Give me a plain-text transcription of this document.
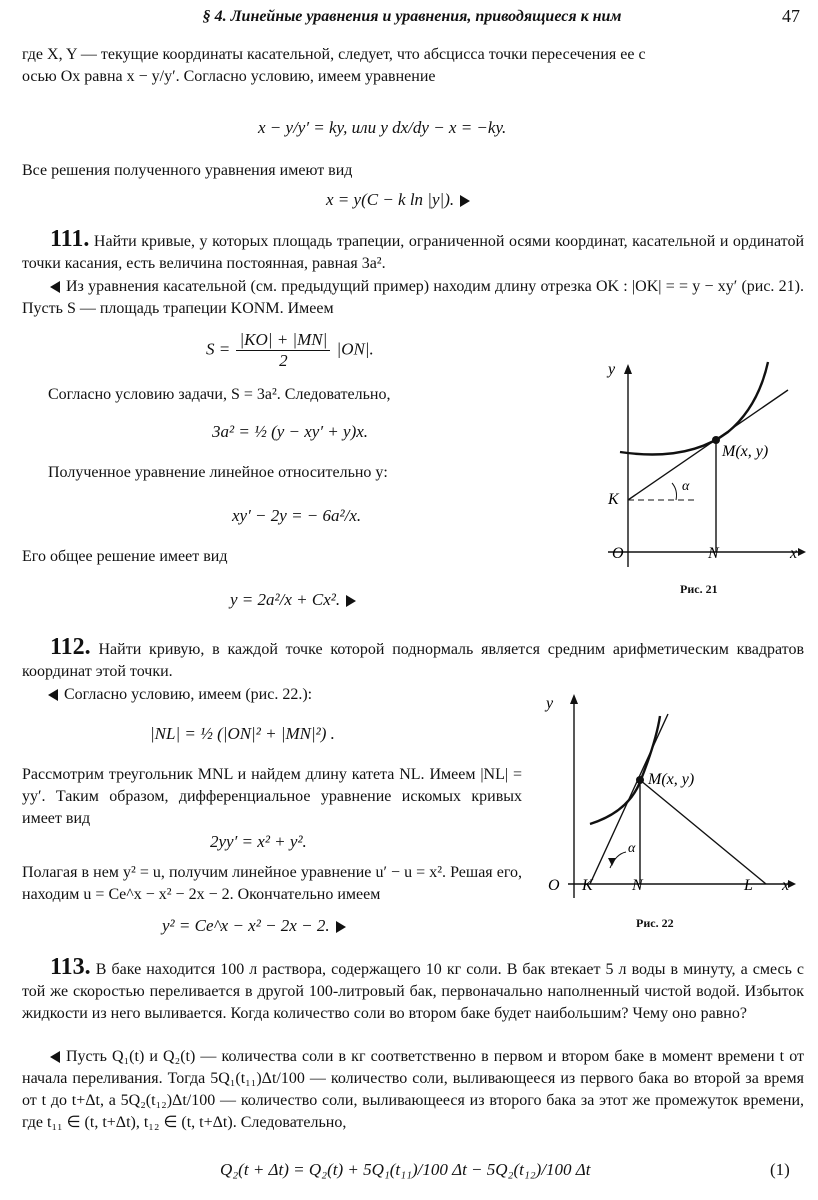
§ 4. Линейные уравнения и уравнения, приводящиеся к ним	47
где X, Y — текущие координаты касательной, следует, что абсцисса точки пересечения ее с
осью Ox равна x − y/y′. Согласно условию, имеем уравнение
x − y/y′ = ky, или y dx/dy − x = −ky.
Все решения полученного уравнения имеют вид
x = y(C − k ln |y|).
111. Найти кривые, у которых площадь трапеции, ограниченной осями координат, касательной и ординатой точки касания, есть величина постоянная, равная 3a².
Из уравнения касательной (см. предыдущий пример) находим длину отрезка OK : |OK| = = y − xy′ (рис. 21). Пусть S — площадь трапеции KONM. Имеем
$S = \frac{|KO| + |MN|}{2} |ON|$.
Согласно условию задачи, S = 3a². Следовательно,
3a² = ½ (y − xy′ + y)x.
Полученное уравнение линейное относительно y:
xy′ − 2y = − 6a²/x.
Его общее решение имеет вид
y = 2a²/x + Cx².
y
x
O	N
K
M(x, y)
α
Рис. 21
112. Найти кривую, в каждой точке которой поднормаль является средним арифметическим квадратов координат этой точки.
Согласно условию, имеем (рис. 22.):
|NL| = ½ (|ON|² + |MN|²) .
Рассмотрим треугольник MNL и найдем длину катета NL. Имеем |NL| = yy′. Таким образом, дифференциальное уравнение искомых кривых имеет вид
2yy′ = x² + y².
Полагая в нем y² = u, получим линейное уравнение u′ − u = x². Решая его, находим u = Ce^x − x² − 2x − 2. Окончательно имеем
y² = Ce^x − x² − 2x − 2.
y
x
O K N	L
M(x, y)
α
Рис. 22
113. В баке находится 100 л раствора, содержащего 10 кг соли. В бак втекает 5 л воды в минуту, а смесь с той же скоростью переливается в другой 100-литровый бак, первоначально наполненный чистой водой. Избыток жидкости из него выливается. Когда количество соли во втором баке будет наибольшим? Чему оно равно?
Пусть Q₁(t) и Q₂(t) — количества соли в кг соответственно в первом и втором баке в момент времени t от начала переливания. Тогда 5Q₁(t₁₁)Δt/100 — количество соли, выливающееся из первого бака во второй за время от t до t+Δt, а 5Q₂(t₁₂)Δt/100 — количество соли, выливающееся из второго бака за этот же промежуток времени, где t₁₁ ∈ (t, t+Δt), t₁₂ ∈ (t, t+Δt). Следовательно,
Q₂(t + Δt) = Q₂(t) + 5Q₁(t₁₁)/100 Δt − 5Q₂(t₁₂)/100 Δt	(1)
